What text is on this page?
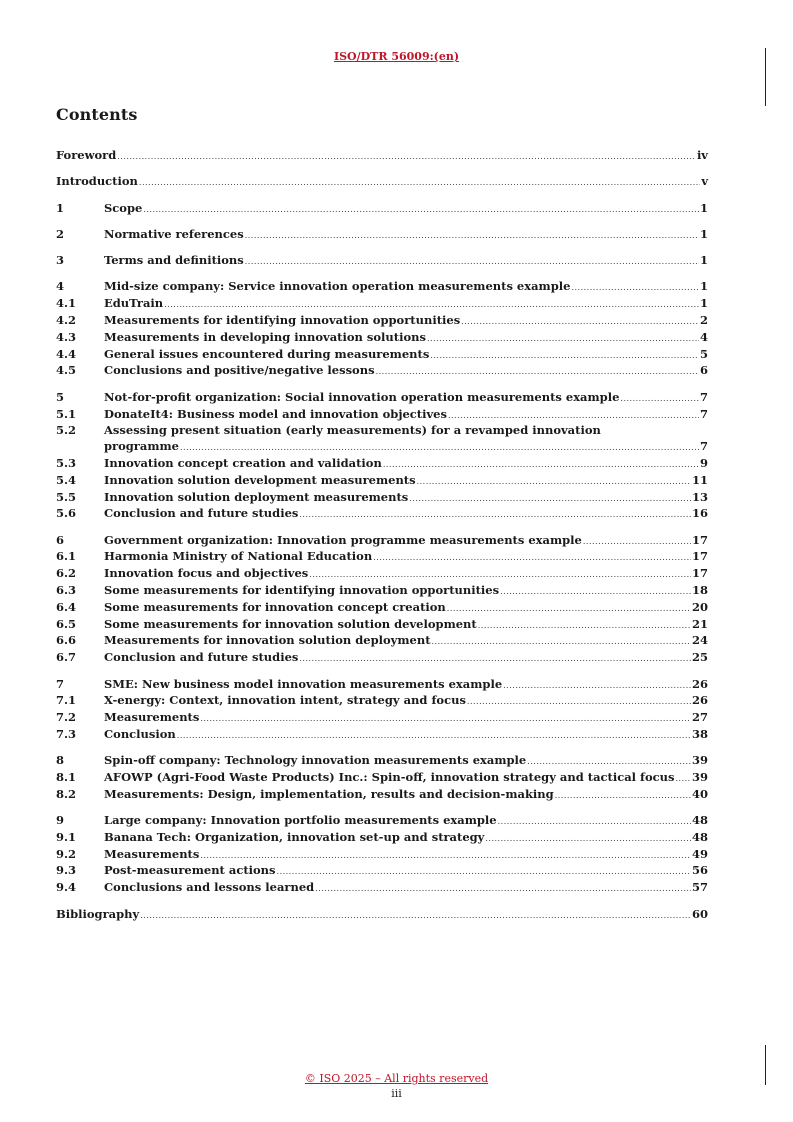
ISO/DTR 56009:(en)
Contents
Foreword .....	iv
Introduction .....	v
1	Scope .....	1
2	Normative references .....	1
3	Terms and definitions .....	1
4	Mid-size company: Service innovation operation measurements example .....	1
4.1	EduTrain .....	1
4.2	Measurements for identifying innovation opportunities .....	2
4.3	Measurements in developing innovation solutions .....	4
4.4	General issues encountered during measurements .....	5
4.5	Conclusions and positive/negative lessons .....	6
5	Not-for-profit organization: Social innovation operation measurements example .....	7
5.1	DonateIt4: Business model and innovation objectives .....	7
5.2	Assessing present situation (early measurements) for a revamped innovation
programme .....	7
5.3	Innovation concept creation and validation .....	9
5.4	Innovation solution development measurements .....	11
5.5	Innovation solution deployment measurements .....	13
5.6	Conclusion and future studies .....	16
6	Government organization: Innovation programme measurements example .....	17
6.1	Harmonia Ministry of National Education .....	17
6.2	Innovation focus and objectives .....	17
6.3	Some measurements for identifying innovation opportunities .....	18
6.4	Some measurements for innovation concept creation .....	20
6.5	Some measurements for innovation solution development .....	21
6.6	Measurements for innovation solution deployment .....	24
6.7	Conclusion and future studies .....	25
7	SME: New business model innovation measurements example .....	26
7.1	X-energy: Context, innovation intent, strategy and focus .....	26
7.2	Measurements .....	27
7.3	Conclusion .....	38
8	Spin-off company: Technology innovation measurements example .....	39
8.1	AFOWP (Agri-Food Waste Products) Inc.: Spin-off, innovation strategy and tactical focus ..... 39
8.2	Measurements: Design, implementation, results and decision-making .....	40
9	Large company: Innovation portfolio measurements example .....	48
9.1	Banana Tech: Organization, innovation set-up and strategy .....	48
9.2	Measurements .....	49
9.3	Post-measurement actions .....	56
9.4	Conclusions and lessons learned .....	57
Bibliography .....	60
© ISO 2025 – All rights reserved
iii
